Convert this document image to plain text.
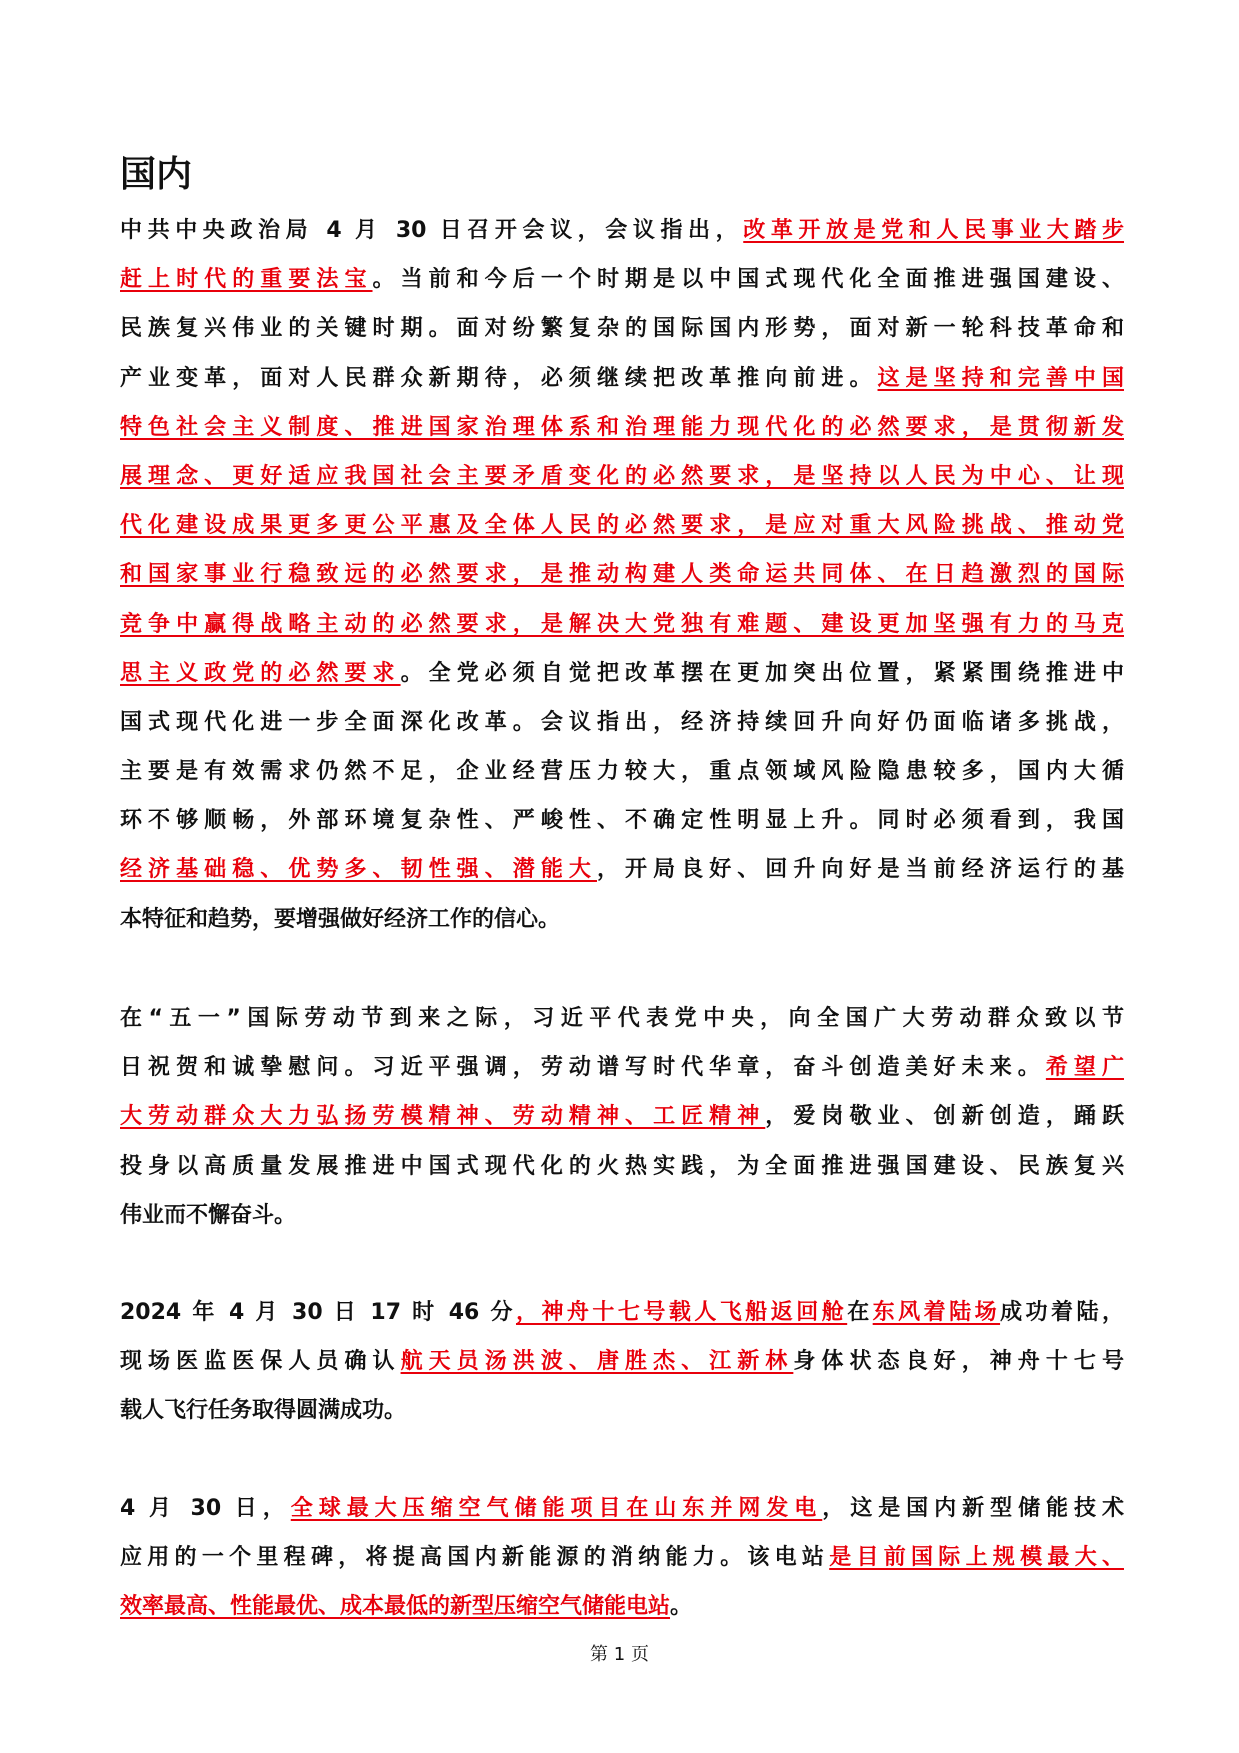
国内
中共中央政治局 4 月 30 日召开会议，会议指出，改革开放是党和人民事业大踏步
赶上时代的重要法宝。当前和今后一个时期是以中国式现代化全面推进强国建设、
民族复兴伟业的关键时期。面对纷繁复杂的国际国内形势，面对新一轮科技革命和
产业变革，面对人民群众新期待，必须继续把改革推向前进。这是坚持和完善中国
特色社会主义制度、推进国家治理体系和治理能力现代化的必然要求，是贯彻新发
展理念、更好适应我国社会主要矛盾变化的必然要求，是坚持以人民为中心、让现
代化建设成果更多更公平惠及全体人民的必然要求，是应对重大风险挑战、推动党
和国家事业行稳致远的必然要求，是推动构建人类命运共同体、在日趋激烈的国际
竞争中赢得战略主动的必然要求，是解决大党独有难题、建设更加坚强有力的马克
思主义政党的必然要求。全党必须自觉把改革摆在更加突出位置，紧紧围绕推进中
国式现代化进一步全面深化改革。会议指出，经济持续回升向好仍面临诸多挑战，
主要是有效需求仍然不足，企业经营压力较大，重点领域风险隐患较多，国内大循
环不够顺畅，外部环境复杂性、严峻性、不确定性明显上升。同时必须看到，我国
经济基础稳、优势多、韧性强、潜能大，开局良好、回升向好是当前经济运行的基
本特征和趋势，要增强做好经济工作的信心。
在“五一”国际劳动节到来之际，习近平代表党中央，向全国广大劳动群众致以节
日祝贺和诚挚慰问。习近平强调，劳动谱写时代华章，奋斗创造美好未来。希望广
大劳动群众大力弘扬劳模精神、劳动精神、工匠精神，爱岗敬业、创新创造，踊跃
投身以高质量发展推进中国式现代化的火热实践，为全面推进强国建设、民族复兴
伟业而不懈奋斗。
2024 年 4 月 30 日 17 时 46 分，神舟十七号载人飞船返回舱在东风着陆场成功着陆，
现场医监医保人员确认航天员汤洪波、唐胜杰、江新林身体状态良好，神舟十七号
载人飞行任务取得圆满成功。
4 月 30 日，全球最大压缩空气储能项目在山东并网发电，这是国内新型储能技术
应用的一个里程碑，将提高国内新能源的消纳能力。该电站是目前国际上规模最大、
效率最高、性能最优、成本最低的新型压缩空气储能电站。
第 1 页
